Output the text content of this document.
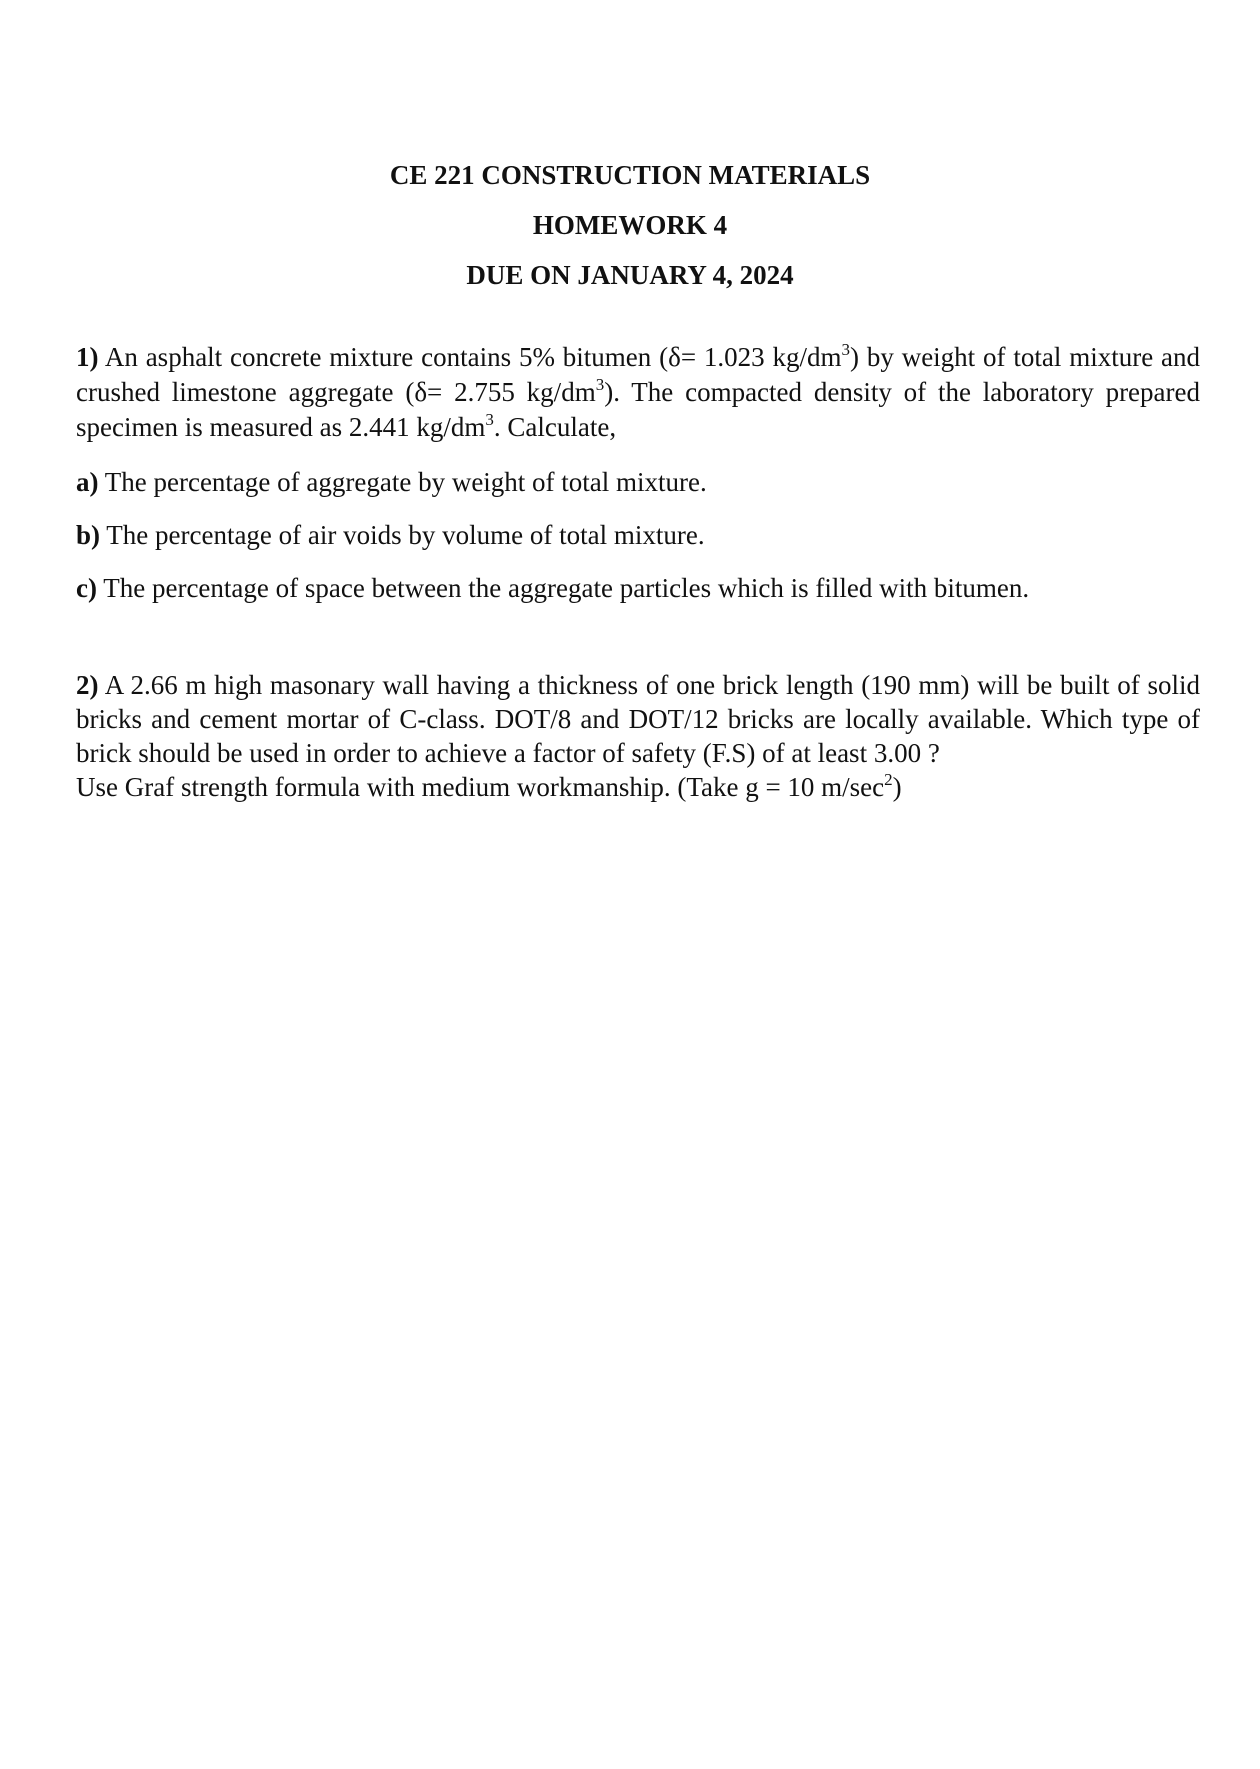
CE 221 CONSTRUCTION MATERIALS
HOMEWORK 4
DUE ON JANUARY 4, 2024
1) An asphalt concrete mixture contains 5% bitumen (δ= 1.023 $kg/dm^3$) by weight of total mixture and crushed limestone aggregate (δ= 2.755 $kg/dm^3$). The compacted density of the laboratory prepared specimen is measured as 2.441 $kg/dm^3$. Calculate,
a) The percentage of aggregate by weight of total mixture.
b) The percentage of air voids by volume of total mixture.
c) The percentage of space between the aggregate particles which is filled with bitumen.
2) A 2.66 m high masonary wall having a thickness of one brick length (190 mm) will be built of solid bricks and cement mortar of C-class. DOT/8 and DOT/12 bricks are locally available. Which type of brick should be used in order to achieve a factor of safety (F.S) of at least 3.00 ?
Use Graf strength formula with medium workmanship. (Take g = 10 $m/\sec^2$)
